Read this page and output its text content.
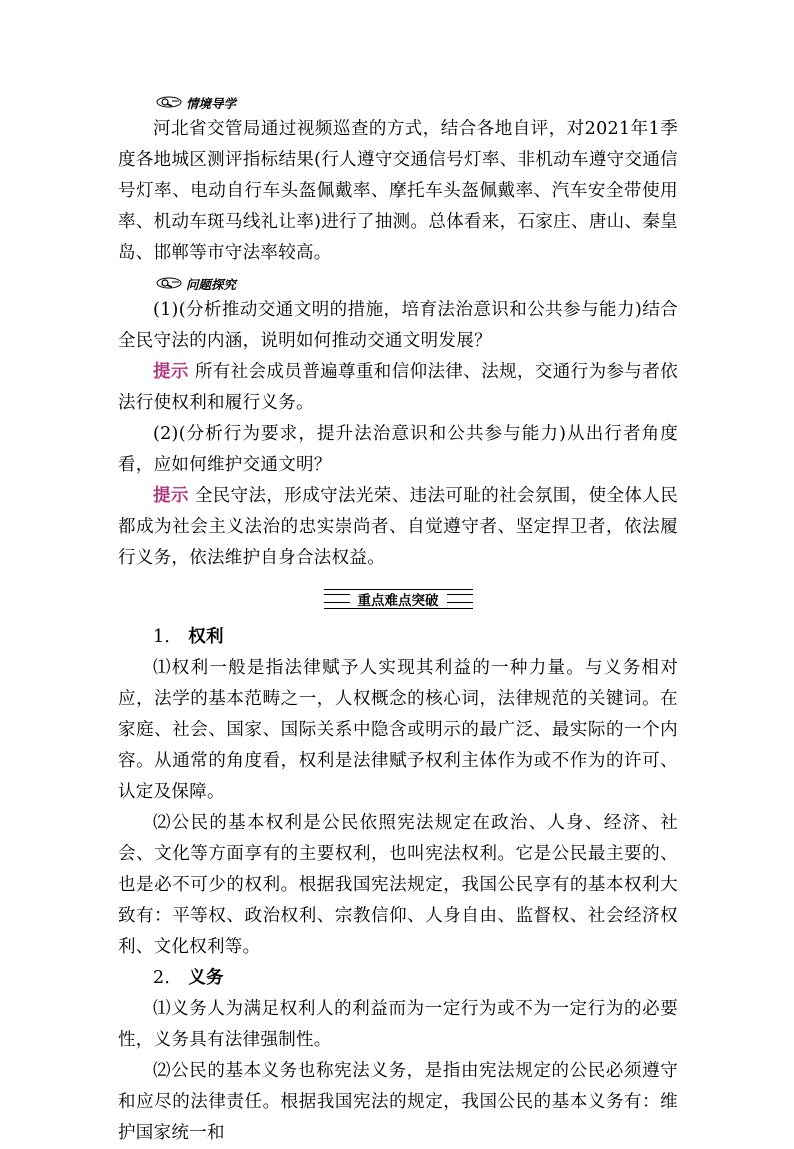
情境导学

河北省交管局通过视频巡查的方式，结合各地自评，对2021年1季度各地城区测评指标结果(行人遵守交通信号灯率、非机动车遵守交通信号灯率、电动自行车头盔佩戴率、摩托车头盔佩戴率、汽车安全带使用率、机动车斑马线礼让率)进行了抽测。总体看来，石家庄、唐山、秦皇岛、邯郸等市守法率较高。

问题探究

(1)(分析推动交通文明的措施，培育法治意识和公共参与能力)结合全民守法的内涵，说明如何推动交通文明发展？

提示 所有社会成员普遍尊重和信仰法律、法规，交通行为参与者依法行使权利和履行义务。

(2)(分析行为要求，提升法治意识和公共参与能力)从出行者角度看，应如何维护交通文明？

提示 全民守法，形成守法光荣、违法可耻的社会氛围，使全体人民都成为社会主义法治的忠实崇尚者、自觉遵守者、坚定捍卫者，依法履行义务，依法维护自身合法权益。

重点难点突破

1． 权利

⑴权利一般是指法律赋予人实现其利益的一种力量。与义务相对应，法学的基本范畴之一，人权概念的核心词，法律规范的关键词。在家庭、社会、国家、国际关系中隐含或明示的最广泛、最实际的一个内容。从通常的角度看，权利是法律赋予权利主体作为或不作为的许可、认定及保障。

⑵公民的基本权利是公民依照宪法规定在政治、人身、经济、社会、文化等方面享有的主要权利，也叫宪法权利。它是公民最主要的、也是必不可少的权利。根据我国宪法规定，我国公民享有的基本权利大致有：平等权、政治权利、宗教信仰、人身自由、监督权、社会经济权利、文化权利等。

2． 义务

⑴义务人为满足权利人的利益而为一定行为或不为一定行为的必要性，义务具有法律强制性。

⑵公民的基本义务也称宪法义务，是指由宪法规定的公民必须遵守和应尽的法律责任。根据我国宪法的规定，我国公民的基本义务有：维护国家统一和
